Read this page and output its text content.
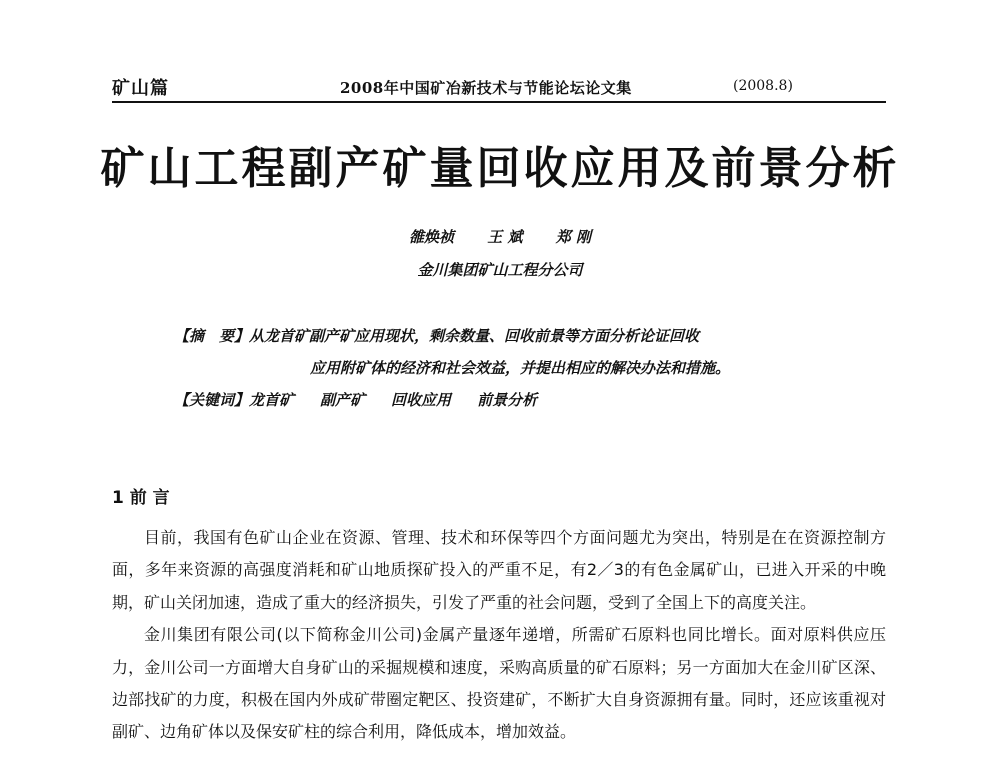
矿山篇	2008年中国矿冶新技术与节能论坛论文集	(2008.8)
矿山工程副产矿量回收应用及前景分析
雒焕祯 王 斌 郑 刚
金川集团矿山工程分公司
【摘　要】从龙首矿副产矿应用现状，剩余数量、回收前景等方面分析论证回收
应用附矿体的经济和社会效益，并提出相应的解决办法和措施。
【关键词】龙首矿 副产矿 回收应用 前景分析
1 前 言

目前，我国有色矿山企业在资源、管理、技术和环保等四个方面问题尤为突出，特别是在在资源控制方面，多年来资源的高强度消耗和矿山地质探矿投入的严重不足，有2／3的有色金属矿山，已进入开采的中晚期，矿山关闭加速，造成了重大的经济损失，引发了严重的社会问题，受到了全国上下的高度关注。

金川集团有限公司(以下简称金川公司)金属产量逐年递增，所需矿石原料也同比增长。面对原料供应压力，金川公司一方面增大自身矿山的采掘规模和速度，采购高质量的矿石原料；另一方面加大在金川矿区深、边部找矿的力度，积极在国内外成矿带圈定靶区、投资建矿，不断扩大自身资源拥有量。同时，还应该重视对副矿、边角矿体以及保安矿柱的综合利用，降低成本，增加效益。
